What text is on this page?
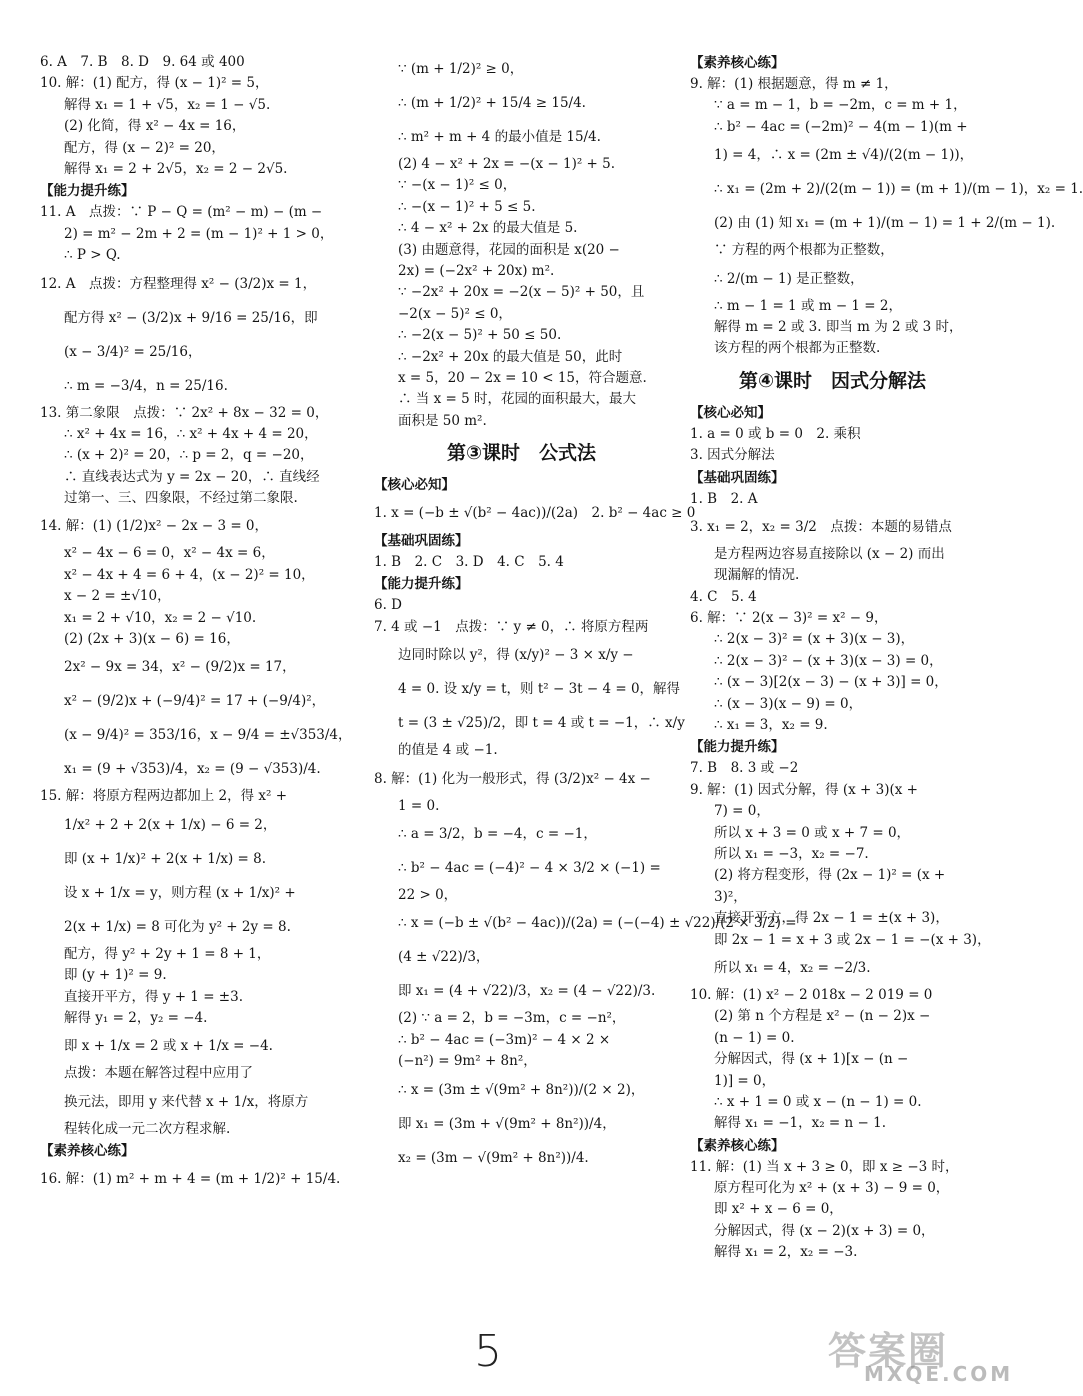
6. A　7. B　8. D　9. 64 或 400
10. 解：(1) 配方，得 (x − 1)² = 5，
解得 x₁ = 1 + √5，x₂ = 1 − √5.
(2) 化简，得 x² − 4x = 16，
配方，得 (x − 2)² = 20，
解得 x₁ = 2 + 2√5，x₂ = 2 − 2√5.
【能力提升练】
11. A　点拨：∵ P − Q = (m² − m) − (m −
2) = m² − 2m + 2 = (m − 1)² + 1 > 0，
∴ P > Q.
12. A　点拨：方程整理得 x² − (3/2)x = 1，
配方得 x² − (3/2)x + 9/16 = 25/16，即
(x − 3/4)² = 25/16，
∴ m = −3/4，n = 25/16.
13. 第二象限　点拨：∵ 2x² + 8x − 32 = 0，
∴ x² + 4x = 16，∴ x² + 4x + 4 = 20，
∴ (x + 2)² = 20，∴ p = 2，q = −20，
∴ 直线表达式为 y = 2x − 20，∴ 直线经
过第一、三、四象限，不经过第二象限.
14. 解：(1) (1/2)x² − 2x − 3 = 0，
x² − 4x − 6 = 0，x² − 4x = 6，
x² − 4x + 4 = 6 + 4，(x − 2)² = 10，
x − 2 = ±√10，
x₁ = 2 + √10，x₂ = 2 − √10.
(2) (2x + 3)(x − 6) = 16，
2x² − 9x = 34，x² − (9/2)x = 17，
x² − (9/2)x + (−9/4)² = 17 + (−9/4)²，
(x − 9/4)² = 353/16，x − 9/4 = ±√353/4，
x₁ = (9 + √353)/4，x₂ = (9 − √353)/4.
15. 解：将原方程两边都加上 2，得 x² +
1/x² + 2 + 2(x + 1/x) − 6 = 2，
即 (x + 1/x)² + 2(x + 1/x) = 8.
设 x + 1/x = y，则方程 (x + 1/x)² +
2(x + 1/x) = 8 可化为 y² + 2y = 8.
配方，得 y² + 2y + 1 = 8 + 1，
即 (y + 1)² = 9.
直接开平方，得 y + 1 = ±3.
解得 y₁ = 2，y₂ = −4.
即 x + 1/x = 2 或 x + 1/x = −4.
点拨：本题在解答过程中应用了
换元法，即用 y 来代替 x + 1/x，将原方
程转化成一元二次方程求解.
【素养核心练】
16. 解：(1) m² + m + 4 = (m + 1/2)² + 15/4.
∵ (m + 1/2)² ≥ 0，
∴ (m + 1/2)² + 15/4 ≥ 15/4.
∴ m² + m + 4 的最小值是 15/4.
(2) 4 − x² + 2x = −(x − 1)² + 5.
∵ −(x − 1)² ≤ 0，
∴ −(x − 1)² + 5 ≤ 5.
∴ 4 − x² + 2x 的最大值是 5.
(3) 由题意得，花园的面积是 x(20 −
2x) = (−2x² + 20x) m².
∵ −2x² + 20x = −2(x − 5)² + 50，且
−2(x − 5)² ≤ 0，
∴ −2(x − 5)² + 50 ≤ 50.
∴ −2x² + 20x 的最大值是 50，此时
x = 5，20 − 2x = 10 < 15，符合题意.
∴ 当 x = 5 时，花园的面积最大，最大
面积是 50 m².
第③课时　公式法
【核心必知】
1. x = (−b ± √(b² − 4ac))/(2a)　2. b² − 4ac ≥ 0
【基础巩固练】
1. B　2. C　3. D　4. C　5. 4
【能力提升练】
6. D
7. 4 或 −1　点拨：∵ y ≠ 0，∴ 将原方程两
边同时除以 y²，得 (x/y)² − 3 × x/y −
4 = 0. 设 x/y = t，则 t² − 3t − 4 = 0，解得
t = (3 ± √25)/2，即 t = 4 或 t = −1，∴ x/y
的值是 4 或 −1.
8. 解：(1) 化为一般形式，得 (3/2)x² − 4x −
1 = 0.
∴ a = 3/2，b = −4，c = −1，
∴ b² − 4ac = (−4)² − 4 × 3/2 × (−1) =
22 > 0，
∴ x = (−b ± √(b² − 4ac))/(2a) = (−(−4) ± √22)/(2 × 3/2) =
(4 ± √22)/3，
即 x₁ = (4 + √22)/3，x₂ = (4 − √22)/3.
(2) ∵ a = 2，b = −3m，c = −n²，
∴ b² − 4ac = (−3m)² − 4 × 2 ×
(−n²) = 9m² + 8n²，
∴ x = (3m ± √(9m² + 8n²))/(2 × 2)，
即 x₁ = (3m + √(9m² + 8n²))/4，
x₂ = (3m − √(9m² + 8n²))/4.
【素养核心练】
9. 解：(1) 根据题意，得 m ≠ 1，
∵ a = m − 1，b = −2m，c = m + 1，
∴ b² − 4ac = (−2m)² − 4(m − 1)(m +
1) = 4，∴ x = (2m ± √4)/(2(m − 1))，
∴ x₁ = (2m + 2)/(2(m − 1)) = (m + 1)/(m − 1)，x₂ = 1.
(2) 由 (1) 知 x₁ = (m + 1)/(m − 1) = 1 + 2/(m − 1).
∵ 方程的两个根都为正整数，
∴ 2/(m − 1) 是正整数，
∴ m − 1 = 1 或 m − 1 = 2，
解得 m = 2 或 3. 即当 m 为 2 或 3 时，
该方程的两个根都为正整数.
第④课时　因式分解法
【核心必知】
1. a = 0 或 b = 0　2. 乘积
3. 因式分解法
【基础巩固练】
1. B　2. A
3. x₁ = 2，x₂ = 3/2　点拨：本题的易错点
是方程两边容易直接除以 (x − 2) 而出
现漏解的情况.
4. C　5. 4
6. 解：∵ 2(x − 3)² = x² − 9，
∴ 2(x − 3)² = (x + 3)(x − 3)，
∴ 2(x − 3)² − (x + 3)(x − 3) = 0，
∴ (x − 3)[2(x − 3) − (x + 3)] = 0，
∴ (x − 3)(x − 9) = 0，
∴ x₁ = 3，x₂ = 9.
【能力提升练】
7. B　8. 3 或 −2
9. 解：(1) 因式分解，得 (x + 3)(x +
7) = 0，
所以 x + 3 = 0 或 x + 7 = 0，
所以 x₁ = −3，x₂ = −7.
(2) 将方程变形，得 (2x − 1)² = (x +
3)²，
直接开平方，得 2x − 1 = ±(x + 3)，
即 2x − 1 = x + 3 或 2x − 1 = −(x + 3)，
所以 x₁ = 4，x₂ = −2/3.
10. 解：(1) x² − 2 018x − 2 019 = 0
(2) 第 n 个方程是 x² − (n − 2)x −
(n − 1) = 0.
分解因式，得 (x + 1)[x − (n −
1)] = 0，
∴ x + 1 = 0 或 x − (n − 1) = 0.
解得 x₁ = −1，x₂ = n − 1.
【素养核心练】
11. 解：(1) 当 x + 3 ≥ 0，即 x ≥ −3 时，
原方程可化为 x² + (x + 3) − 9 = 0，
即 x² + x − 6 = 0，
分解因式，得 (x − 2)(x + 3) = 0，
解得 x₁ = 2，x₂ = −3.
5	答案圈
MXQE.COM
